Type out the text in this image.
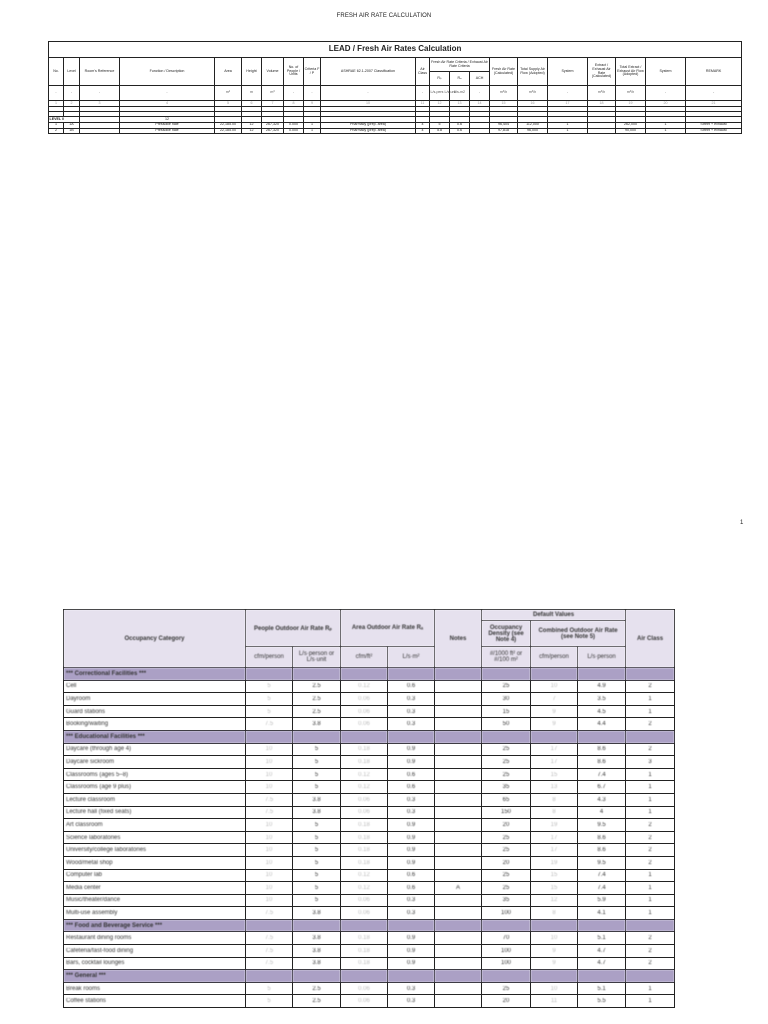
FRESH AIR RATE CALCULATION
LEAD / Fresh Air Rates Calculation																				
No.	Level	Room's Reference	Function / Description	Area	Height	Volume	No. of People / Units	Criteria F / P	ASHRAE 62.1-2007 Classification	Air Class	Fresh Air Rate Criteria / Exhaust Air Rate Criteria			Fresh Air Rate (Calculated)	Total Supply Air Flow (Adopted)	System	Extract / Exhaust Air Rate (Calculated)	Total Extract / Exhaust Air Flow (Adopted)	System	REMARK
											Rₚ	Rₐ	ACH							
-	-	-	-	m²	m	m³	-	-	-	-	L/s-pers L/s-unit	L/s-m2	-	m³/h	m³/h	-	m³/h	m³/h	-	-
1	2	3	4	5	6	7	8	9	10	11	12	13	14	15	16	17	18	19	20	21

LEVEL 0			12																	
1	1A		Pressollie hale	22,185.00	12	267,320	0.000	1	Pharmacy (prep. area)	4	5	0.6		96,404	112,000	1		262,000	1	Street + exhaust
2	1B		Pressollie hale	22,185.00	12	267,320	0.000	1	Pharmacy (prep. area)	4	5.8	0.6		97,818	96,000	1		90,000	1	Street + exhaust
1
Occupancy Category	People Outdoor Air Rate Rₚ		Area Outdoor Air Rate Rₐ		Notes	Default Values			Air Class
						Occupancy Density (see Note 4)	Combined Outdoor Air Rate (see Note 5)		
	cfm/person	L/s·person or L/s·unit	cfm/ft²	L/s·m²		#/1000 ft² or #/100 m²	cfm/person	L/s·person	
*** Correctional Facilities ***									
Cell	5	2.5	0.12	0.6		25	10	4.9	2
Dayroom	5	2.5	0.06	0.3		30	7	3.5	1
Guard stations	5	2.5	0.06	0.3		15	9	4.5	1
Booking/waiting	7.5	3.8	0.06	0.3		50	9	4.4	2
*** Educational Facilities ***									
Daycare (through age 4)	10	5	0.18	0.9		25	17	8.6	2
Daycare sickroom	10	5	0.18	0.9		25	17	8.6	3
Classrooms (ages 5–8)	10	5	0.12	0.6		25	15	7.4	1
Classrooms (age 9 plus)	10	5	0.12	0.6		35	13	6.7	1
Lecture classroom	7.5	3.8	0.06	0.3		65	8	4.3	1
Lecture hall (fixed seats)	7.5	3.8	0.06	0.3		150	8	4	1
Art classroom	10	5	0.18	0.9		20	19	9.5	2
Science laboratories	10	5	0.18	0.9		25	17	8.6	2
University/college laboratories	10	5	0.18	0.9		25	17	8.6	2
Wood/metal shop	10	5	0.18	0.9		20	19	9.5	2
Computer lab	10	5	0.12	0.6		25	15	7.4	1
Media center	10	5	0.12	0.6	A	25	15	7.4	1
Music/theater/dance	10	5	0.06	0.3		35	12	5.9	1
Multi-use assembly	7.5	3.8	0.06	0.3		100	8	4.1	1
*** Food and Beverage Service ***									
Restaurant dining rooms	7.5	3.8	0.18	0.9		70	10	5.1	2
Cafeteria/fast-food dining	7.5	3.8	0.18	0.9		100	9	4.7	2
Bars, cocktail lounges	7.5	3.8	0.18	0.9		100	9	4.7	2
*** General ***									
Break rooms	5	2.5	0.06	0.3		25	10	5.1	1
Coffee stations	5	2.5	0.06	0.3		20	11	5.5	1
